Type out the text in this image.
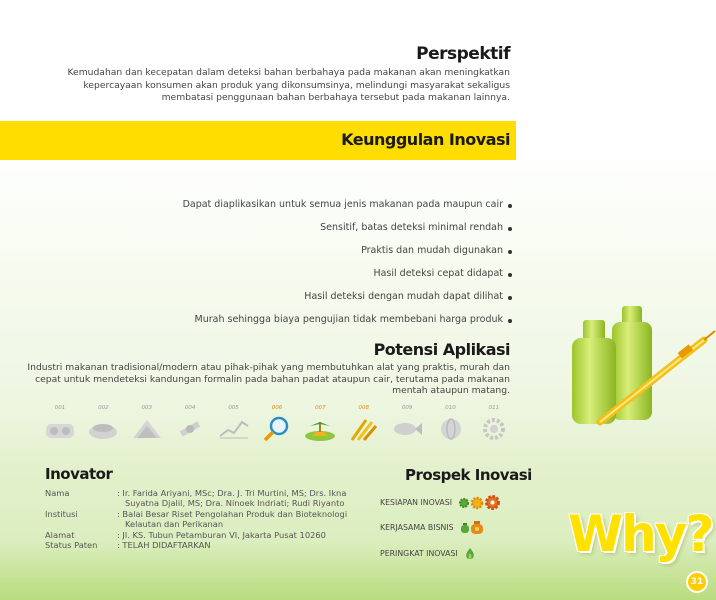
Perspektif
Kemudahan dan kecepatan dalam deteksi bahan berbahaya pada makanan akan meningkatkan kepercayaan konsumen akan produk yang dikonsumsinya, melindungi masyarakat sekaligus membatasi penggunaan bahan berbahaya tersebut pada makanan lainnya.
Keunggulan Inovasi
Dapat diaplikasikan untuk semua jenis makanan pada maupun cair
Sensitif, batas deteksi minimal rendah
Praktis dan mudah digunakan
Hasil deteksi cepat didapat
Hasil deteksi dengan mudah dapat dilihat
Murah sehingga biaya pengujian tidak membebani harga produk
Potensi Aplikasi
Industri makanan tradisional/modern atau pihak-pihak yang membutuhkan alat yang praktis, murah dan cepat untuk mendeteksi kandungan formalin pada bahan padat ataupun cair, terutama pada makanan mentah ataupun matang.
001	002	003	004	005	006	007	008	009	010	011
Inovator
Nama	: Ir. Farida Ariyani, MSc; Dra. J. Tri Murtini, MS; Drs. Ikna Suyatna Djalil, MS; Dra. Ninoek Indriati; Rudi Riyanto
Institusi	: Balai Besar Riset Pengolahan Produk dan Bioteknologi Kelautan dan Perikanan
Alamat	: Jl. KS. Tubun Petamburan VI, Jakarta Pusat 10260
Status Paten	: TELAH DIDAFTARKAN
Prospek Inovasi
KESIAPAN INOVASI
KERJASAMA BISNIS
PERINGKAT INOVASI Why?
31
